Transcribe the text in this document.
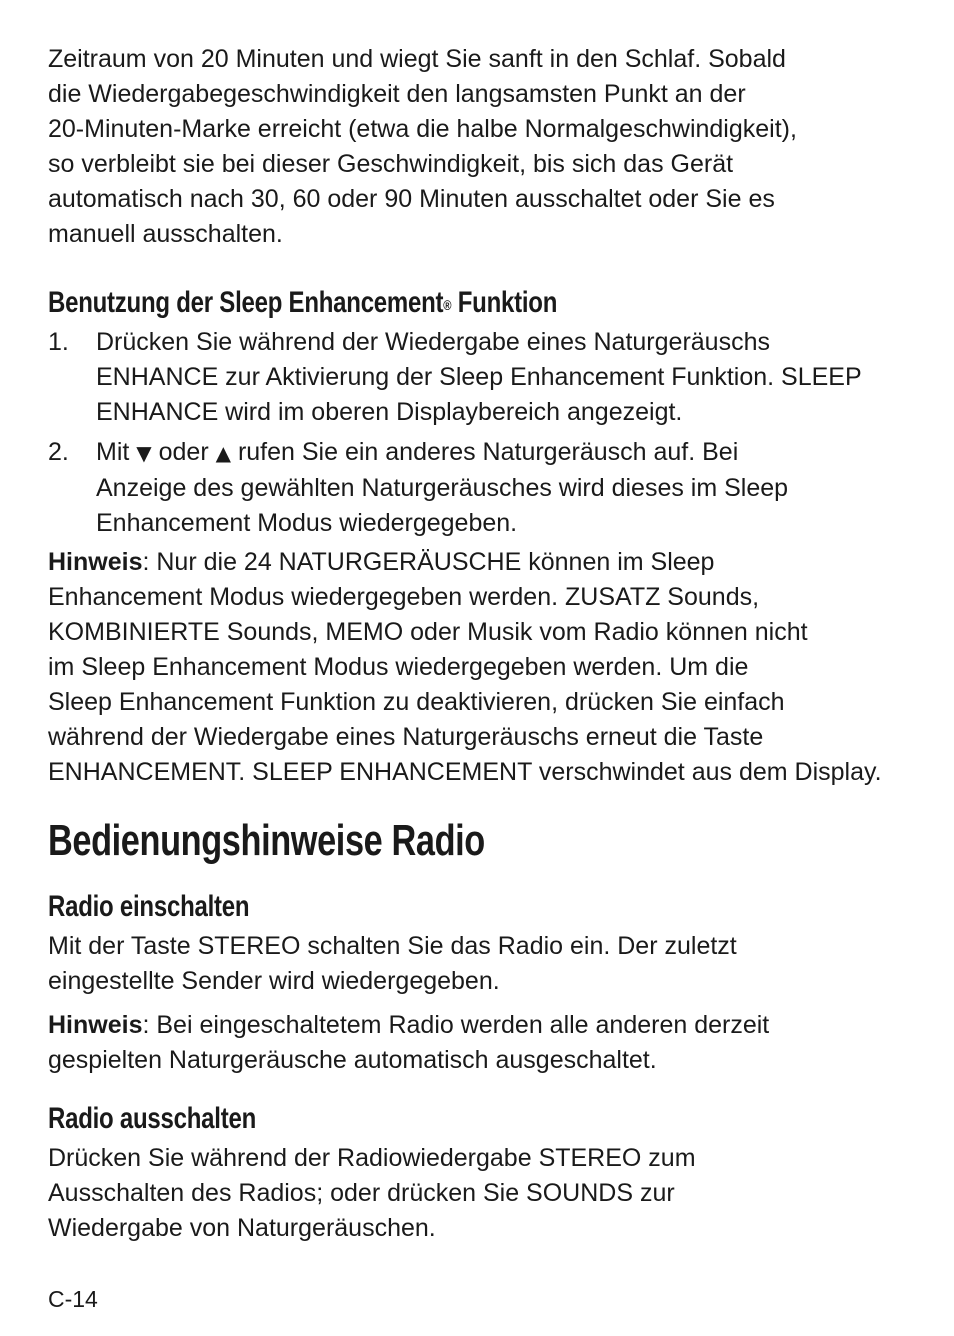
Zeitraum von 20 Minuten und wiegt Sie sanft in den Schlaf. Sobald
die Wiedergabegeschwindigkeit den langsamsten Punkt an der
20-Minuten-Marke erreicht (etwa die halbe Normalgeschwindigkeit),
so verbleibt sie bei dieser Geschwindigkeit, bis sich das Gerät
automatisch nach 30, 60 oder 90 Minuten ausschaltet oder Sie es
manuell ausschalten.

Benutzung der Sleep Enhancement® Funktion
1. Drücken Sie während der Wiedergabe eines Naturgeräuschs
ENHANCE zur Aktivierung der Sleep Enhancement Funktion. SLEEP
ENHANCE wird im oberen Displaybereich angezeigt.
2. Mit ▼ oder ▲ rufen Sie ein anderes Naturgeräusch auf. Bei
Anzeige des gewählten Naturgeräusches wird dieses im Sleep
Enhancement Modus wiedergegeben.

Hinweis: Nur die 24 NATURGERÄUSCHE können im Sleep
Enhancement Modus wiedergegeben werden. ZUSATZ Sounds,
KOMBINIERTE Sounds, MEMO oder Musik vom Radio können nicht
im Sleep Enhancement Modus wiedergegeben werden. Um die
Sleep Enhancement Funktion zu deaktivieren, drücken Sie einfach
während der Wiedergabe eines Naturgeräuschs erneut die Taste
ENHANCEMENT. SLEEP ENHANCEMENT verschwindet aus dem Display.

Bedienungshinweise Radio
Radio einschalten

Mit der Taste STEREO schalten Sie das Radio ein. Der zuletzt
eingestellte Sender wird wiedergegeben.

Hinweis: Bei eingeschaltetem Radio werden alle anderen derzeit
gespielten Naturgeräusche automatisch ausgeschaltet.

Radio ausschalten

Drücken Sie während der Radiowiedergabe STEREO zum
Ausschalten des Radios; oder drücken Sie SOUNDS zur
Wiedergabe von Naturgeräuschen.

C-14
